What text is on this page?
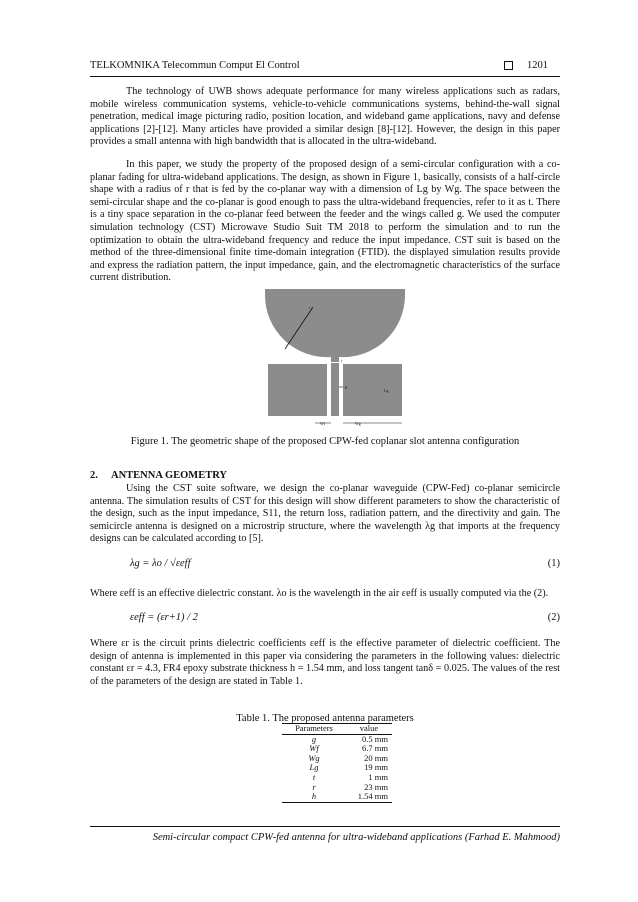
TELKOMNIKA Telecommun Comput El Control	1201

The technology of UWB shows adequate performance for many wireless applications such as radars, mobile wireless communication systems, vehicle-to-vehicle communications systems, behind-the-wall signal penetration, medical image picturing radio, position location, and wideband game applications, navy and defense applications [2]-[12]. Many articles have provided a similar design [8]-[12]. However, the design in this paper provides a small antenna with high bandwidth that is allocated in the ultra-wideband.

In this paper, we study the property of the proposed design of a semi-circular configuration with a co-planar fading for ultra-wideband applications. The design, as shown in Figure 1, basically, consists of a half-circle shape with a radius of r that is fed by the co-planar way with a dimension of Lg by Wg. The space between the semi-circular shape and the co-planar is good enough to pass the ultra-wideband frequencies, refer to it as t. There is a tiny space separation in the co-planar feed between the feeder and the wings called g. We used the computer simulation technology (CST) Microwave Studio Suit TM 2018 to perform the simulation and to run the optimization to obtain the ultra-wideband frequency and reduce the input impedance. CST suit is based on the method of the three-dimensional finite time-domain integration (FTID). the displayed simulation results provide and express the radiation pattern, the input impedance, gain, and the electromagnetic characteristics of the surface current distribution.

r
t
g
Lg
Wf	Wg
Figure 1. The geometric shape of the proposed CPW-fed coplanar slot antenna configuration
2.     ANTENNA GEOMETRY

Using the CST suite software, we design the co-planar waveguide (CPW-Fed) co-planar semicircle antenna. The simulation results of CST for this design will show different parameters to show the characteristic of the design, such as the input impedance, S11, the return loss, radiation pattern, and the directivity and gain. The semicircle antenna is designed on a microstrip structure, where the wavelength λg that imports at the frequency designs can be calculated according to [5].

λg = λo / √εeff	(1)

Where εeff is an effective dielectric constant. λo is the wavelength in the air εeff is usually computed via the (2).

εeff = (εr+1) / 2	(2)

Where εr is the circuit prints dielectric coefficients εeff is the effective parameter of dielectric coefficient. The design of antenna is implemented in this paper via considering the parameters in the following values: dielectric constant εr = 4.3, FR4 epoxy substrate thickness h = 1.54 mm, and loss tangent tanδ = 0.025. The values of the rest of the parameters of the design are stated in Table 1.

Table 1. The proposed antenna parameters
Parameters	value
g	0.5 mm
Wf	6.7 mm
Wg	20 mm
Lg	19 mm
t	1 mm
r	23 mm
h	1.54 mm
Semi-circular compact CPW-fed antenna for ultra-wideband applications (Farhad E. Mahmood)
